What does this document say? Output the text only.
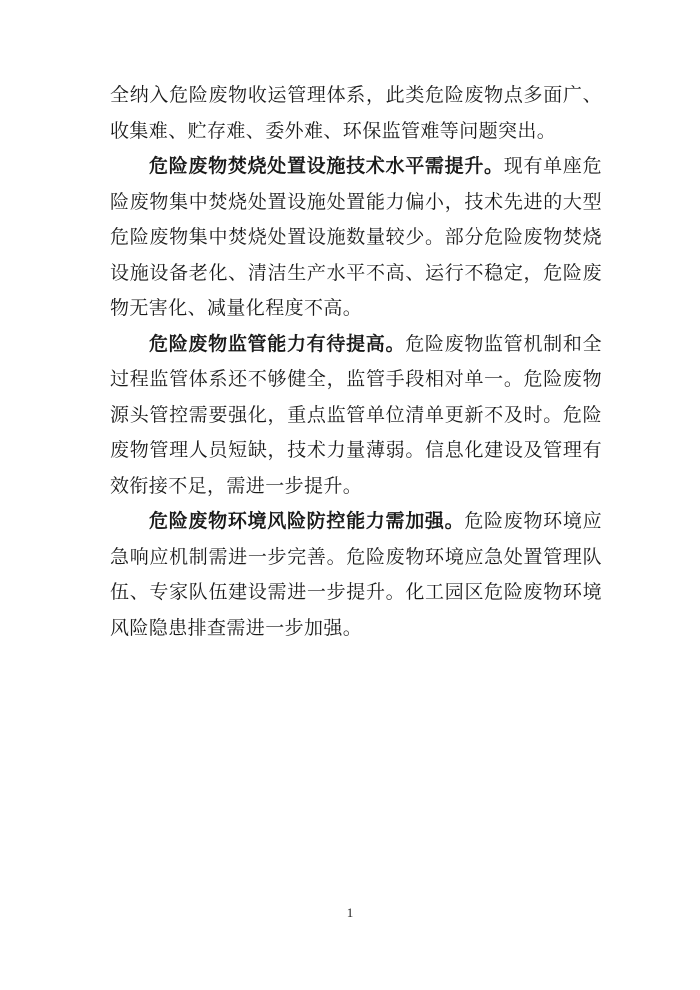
全纳入危险废物收运管理体系，此类危险废物点多面广、收集难、贮存难、委外难、环保监管难等问题突出。

危险废物焚烧处置设施技术水平需提升。现有单座危险废物集中焚烧处置设施处置能力偏小，技术先进的大型危险废物集中焚烧处置设施数量较少。部分危险废物焚烧设施设备老化、清洁生产水平不高、运行不稳定，危险废物无害化、减量化程度不高。

危险废物监管能力有待提高。危险废物监管机制和全过程监管体系还不够健全，监管手段相对单一。危险废物源头管控需要强化，重点监管单位清单更新不及时。危险废物管理人员短缺，技术力量薄弱。信息化建设及管理有效衔接不足，需进一步提升。

危险废物环境风险防控能力需加强。危险废物环境应急响应机制需进一步完善。危险废物环境应急处置管理队伍、专家队伍建设需进一步提升。化工园区危险废物环境风险隐患排查需进一步加强。

1
